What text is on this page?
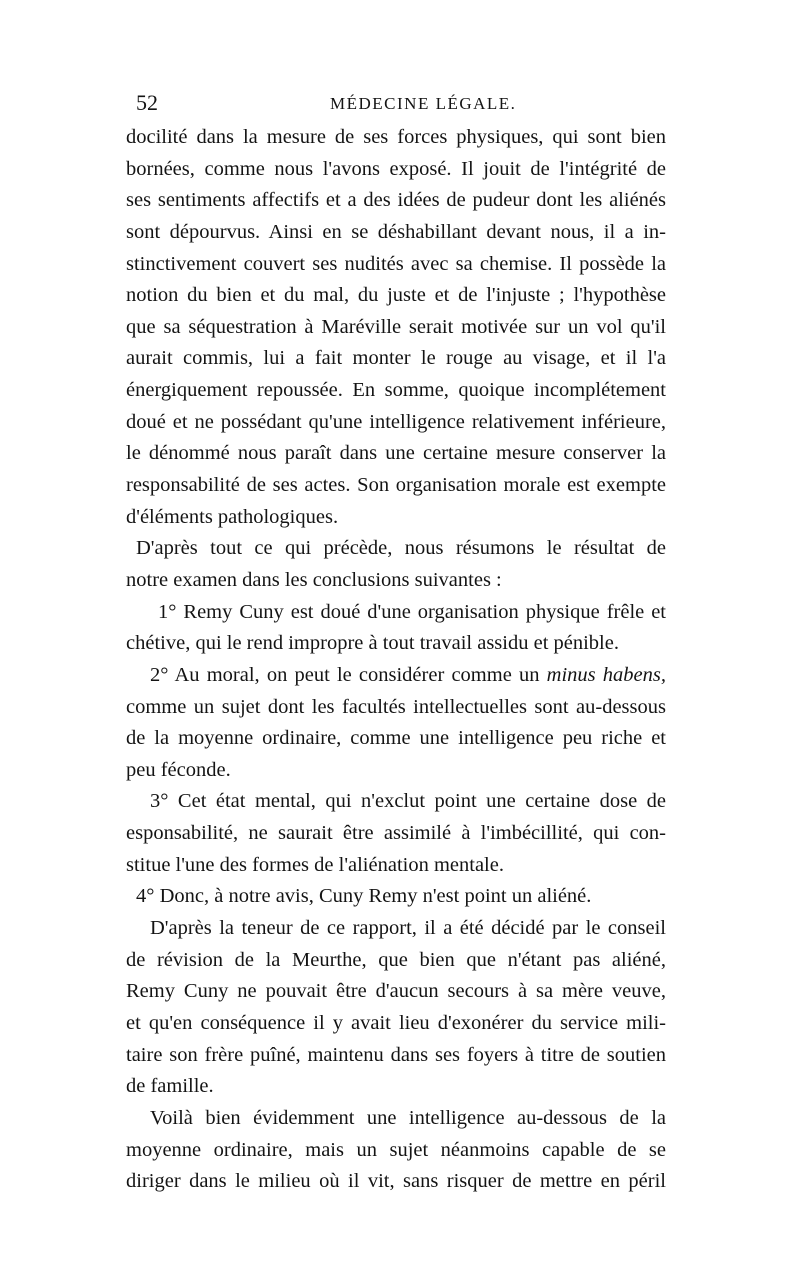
52	MÉDECINE LÉGALE.
docilité dans la mesure de ses forces physiques, qui sont bien
bornées, comme nous l'avons exposé. Il jouit de l'intégrité de
ses sentiments affectifs et a des idées de pudeur dont les aliénés
sont dépourvus. Ainsi en se déshabillant devant nous, il a in-
stinctivement couvert ses nudités avec sa chemise. Il possède la
notion du bien et du mal, du juste et de l'injuste ; l'hypothèse
que sa séquestration à Maréville serait motivée sur un vol qu'il
aurait commis, lui a fait monter le rouge au visage, et il l'a
énergiquement repoussée. En somme, quoique incomplétement
doué et ne possédant qu'une intelligence relativement inférieure,
le dénommé nous paraît dans une certaine mesure conserver la
responsabilité de ses actes. Son organisation morale est exempte
d'éléments pathologiques.
D'après tout ce qui précède, nous résumons le résultat de
notre examen dans les conclusions suivantes :
1° Remy Cuny est doué d'une organisation physique frêle et
chétive, qui le rend impropre à tout travail assidu et pénible.
2° Au moral, on peut le considérer comme un minus habens,
comme un sujet dont les facultés intellectuelles sont au-dessous
de la moyenne ordinaire, comme une intelligence peu riche et
peu féconde.
3° Cet état mental, qui n'exclut point une certaine dose de
esponsabilité, ne saurait être assimilé à l'imbécillité, qui con-
stitue l'une des formes de l'aliénation mentale.
4° Donc, à notre avis, Cuny Remy n'est point un aliéné.
D'après la teneur de ce rapport, il a été décidé par le conseil
de révision de la Meurthe, que bien que n'étant pas aliéné,
Remy Cuny ne pouvait être d'aucun secours à sa mère veuve,
et qu'en conséquence il y avait lieu d'exonérer du service mili-
taire son frère puîné, maintenu dans ses foyers à titre de soutien
de famille.
Voilà bien évidemment une intelligence au-dessous de la
moyenne ordinaire, mais un sujet néanmoins capable de se
diriger dans le milieu où il vit, sans risquer de mettre en péril
